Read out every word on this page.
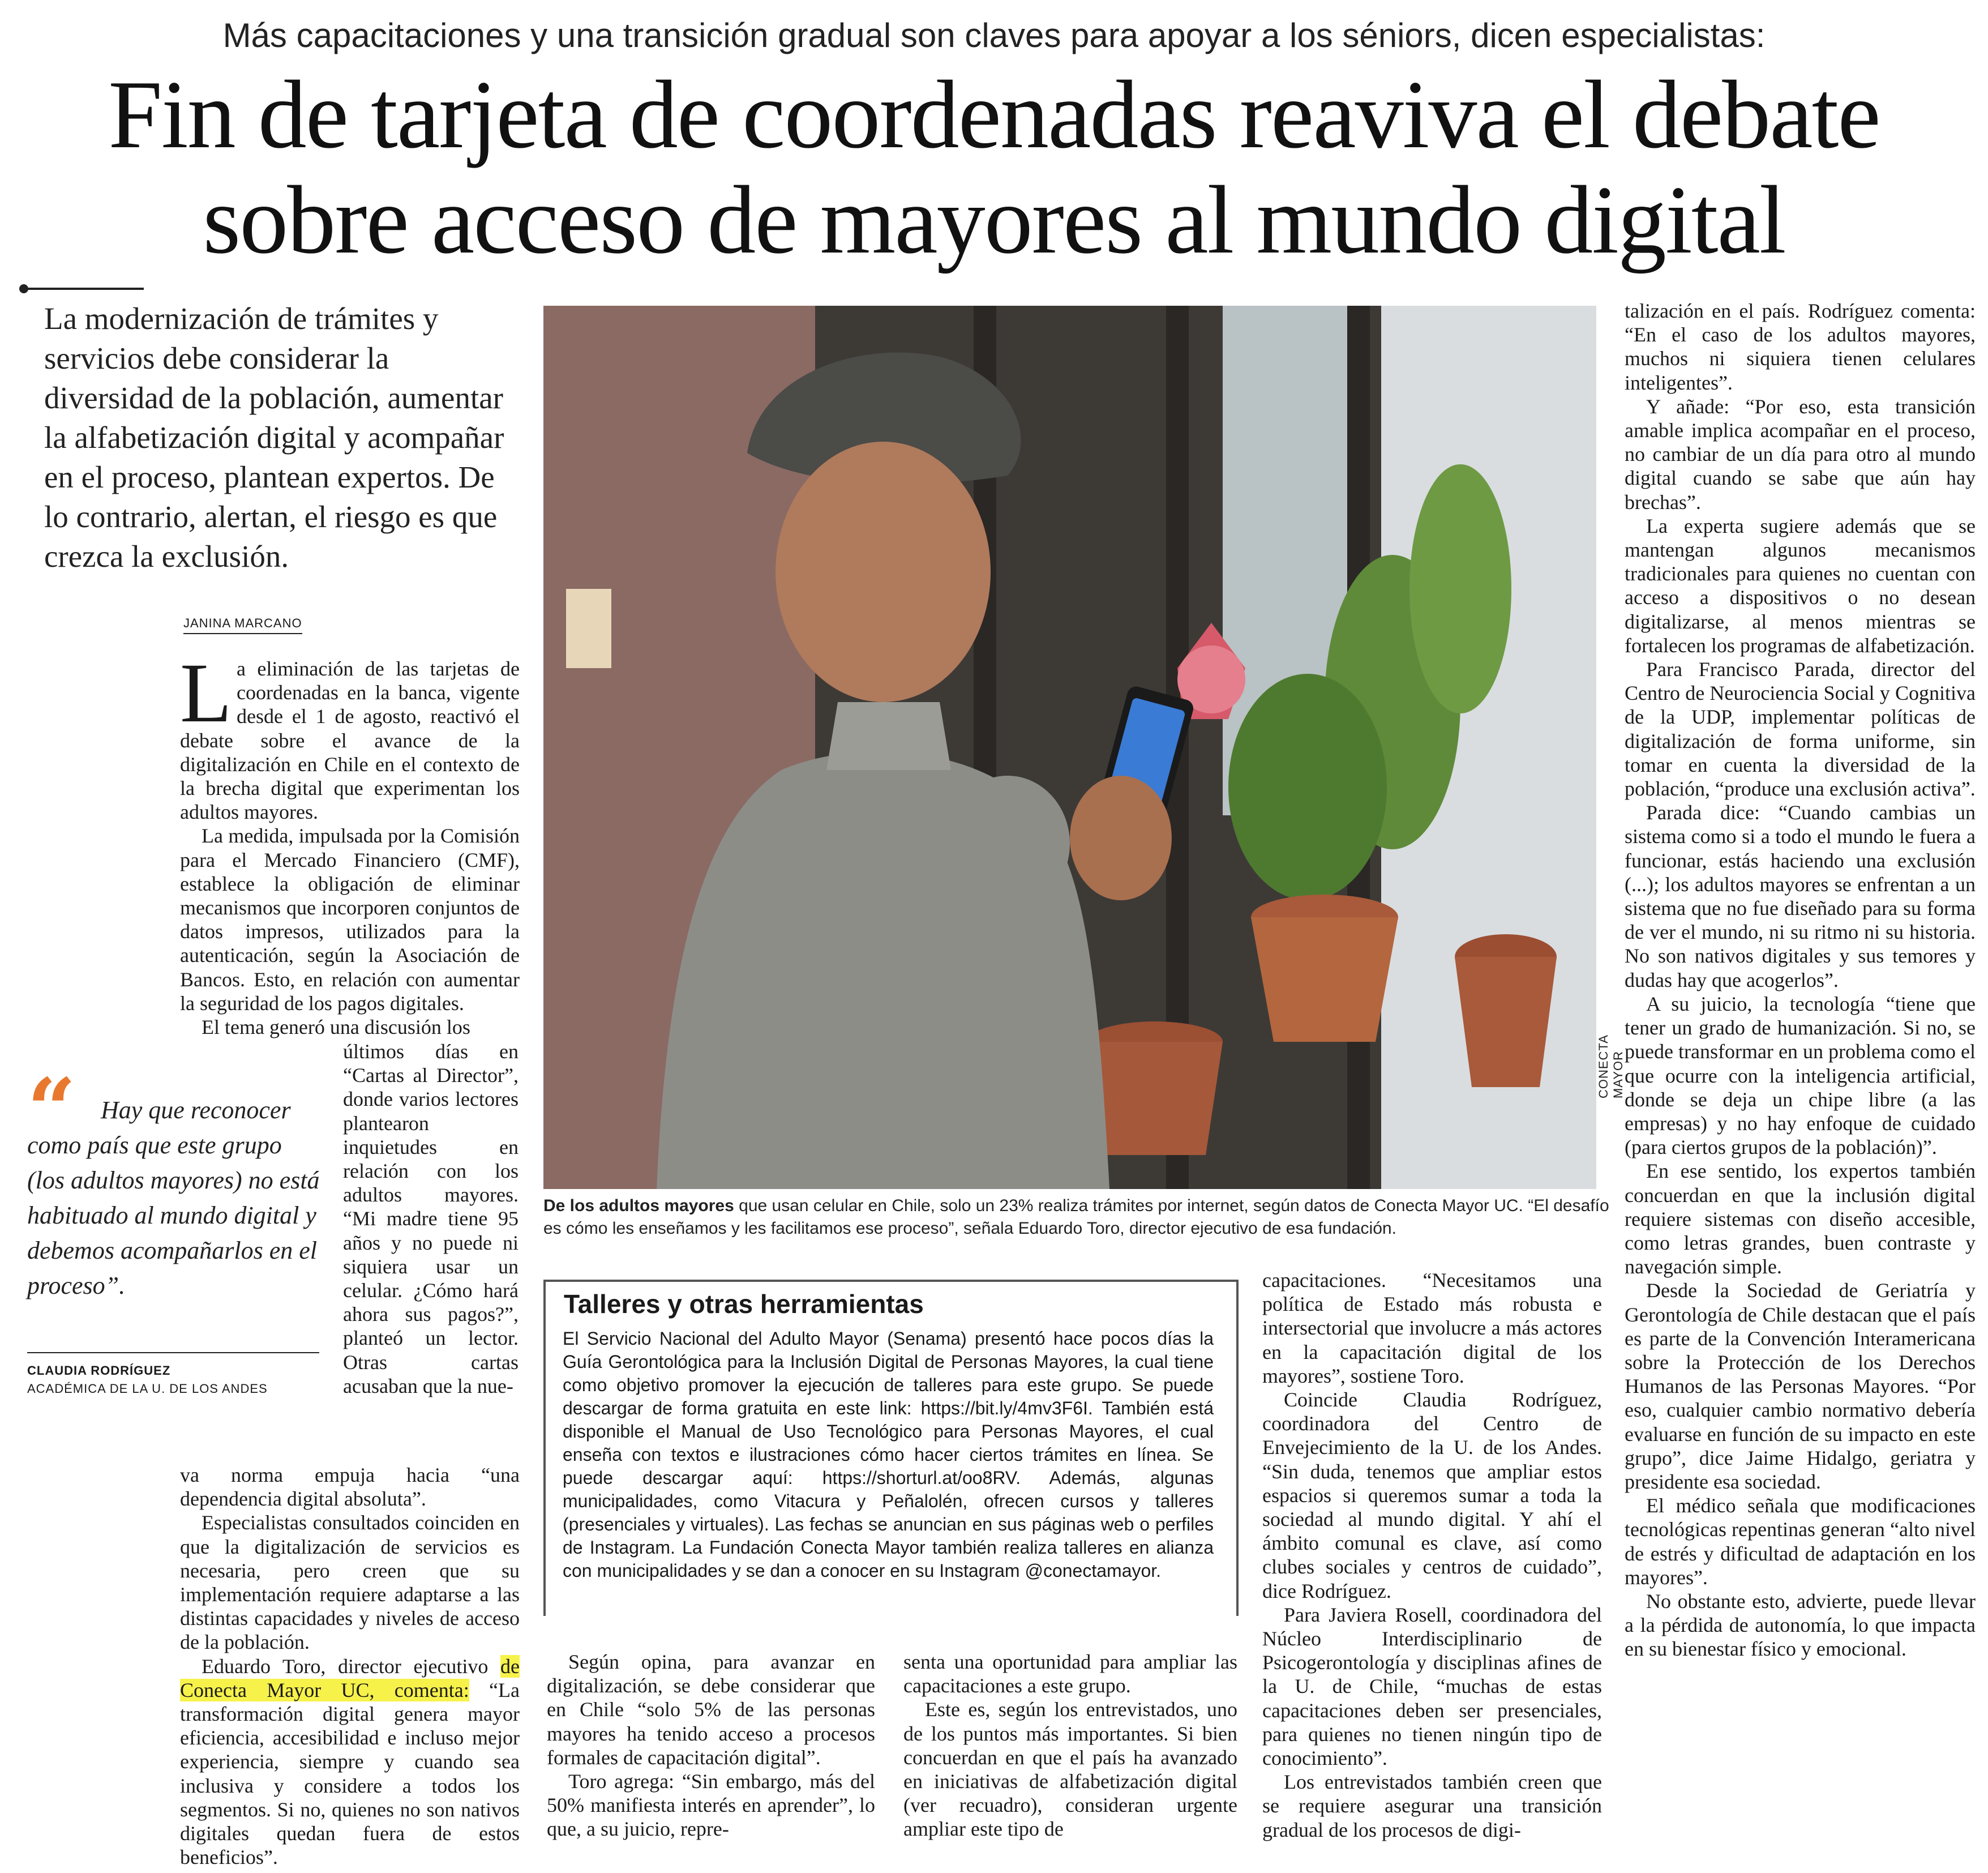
Más capacitaciones y una transición gradual son claves para apoyar a los séniors, dicen especialistas:
Fin de tarjeta de coordenadas reaviva el debate
sobre acceso de mayores al mundo digital
La modernización de trámites y servicios debe considerar la diversidad de la población, aumentar la alfabetización digital y acompañar en el proceso, plantean expertos. De lo contrario, alertan, el riesgo es que crezca la exclusión.
JANINA MARCANO

La eliminación de las tarjetas de coordenadas en la banca, vigente desde el 1 de agosto, reactivó el debate sobre el avance de la digitalización en Chile en el contexto de la brecha digital que experimentan los adultos mayores.

La medida, impulsada por la Comisión para el Mercado Financiero (CMF), establece la obligación de eliminar mecanismos que incorporen conjuntos de datos impresos, utilizados para la autenticación, según la Asociación de Bancos. Esto, en relación con aumentar la seguridad de los pagos digitales.

El tema generó una discusión los

últimos días en “Cartas al Director”, donde varios lectores plantearon inquietudes en relación con los adultos mayores. “Mi madre tiene 95 años y no puede ni siquiera usar un celular. ¿Cómo hará ahora sus pagos?”, planteó un lector. Otras cartas acusaban que la nue-

va norma empuja hacia “una dependencia digital absoluta”.

Especialistas consultados coinciden en que la digitalización de servicios es necesaria, pero creen que su implementación requiere adaptarse a las distintas capacidades y niveles de acceso de la población.

Eduardo Toro, director ejecutivo de Conecta Mayor UC, comenta: “La transformación digital genera mayor eficiencia, accesibilidad e incluso mejor experiencia, siempre y cuando sea inclusiva y considere a todos los segmentos. Si no, quienes no son nativos digitales quedan fuera de estos beneficios”.

“ Hay que reconocer como país que este grupo (los adultos mayores) no está habituado al mundo digital y debemos acompañarlos en el proceso”.
CLAUDIA RODRÍGUEZ
ACADÉMICA DE LA U. DE LOS ANDES
CONECTA MAYOR
De los adultos mayores que usan celular en Chile, solo un 23% realiza trámites por internet, según datos de Conecta Mayor UC. “El desafío es cómo les enseñamos y les facilitamos ese proceso”, señala Eduardo Toro, director ejecutivo de esa fundación.
Talleres y otras herramientas
El Servicio Nacional del Adulto Mayor (Senama) presentó hace pocos días la Guía Gerontológica para la Inclusión Digital de Personas Mayores, la cual tiene como objetivo promover la ejecución de talleres para este grupo. Se puede descargar de forma gratuita en este link: https://bit.ly/4mv3F6I. También está disponible el Manual de Uso Tecnológico para Personas Mayores, el cual enseña con textos e ilustraciones cómo hacer ciertos trámites en línea. Se puede descargar aquí: https://shorturl.at/oo8RV. Además, algunas municipalidades, como Vitacura y Peñalolén, ofrecen cursos y talleres (presenciales y virtuales). Las fechas se anuncian en sus páginas web o perfiles de Instagram. La Fundación Conecta Mayor también realiza talleres en alianza con municipalidades y se dan a conocer en su Instagram @conectamayor.

Según opina, para avanzar en digitalización, se debe considerar que en Chile “solo 5% de las personas mayores ha tenido acceso a procesos formales de capacitación digital”.

Toro agrega: “Sin embargo, más del 50% manifiesta interés en aprender”, lo que, a su juicio, repre-

senta una oportunidad para ampliar las capacitaciones a este grupo.

Este es, según los entrevistados, uno de los puntos más importantes. Si bien concuerdan en que el país ha avanzado en iniciativas de alfabetización digital (ver recuadro), consideran urgente ampliar este tipo de

capacitaciones. “Necesitamos una política de Estado más robusta e intersectorial que involucre a más actores en la capacitación digital de los mayores”, sostiene Toro.

Coincide Claudia Rodríguez, coordinadora del Centro de Envejecimiento de la U. de los Andes. “Sin duda, tenemos que ampliar estos espacios si queremos sumar a toda la sociedad al mundo digital. Y ahí el ámbito comunal es clave, así como clubes sociales y centros de cuidado”, dice Rodríguez.

Para Javiera Rosell, coordinadora del Núcleo Interdisciplinario de Psicogerontología y disciplinas afines de la U. de Chile, “muchas de estas capacitaciones deben ser presenciales, para quienes no tienen ningún tipo de conocimiento”.

Los entrevistados también creen que se requiere asegurar una transición gradual de los procesos de digi-

talización en el país. Rodríguez comenta: “En el caso de los adultos mayores, muchos ni siquiera tienen celulares inteligentes”.

Y añade: “Por eso, esta transición amable implica acompañar en el proceso, no cambiar de un día para otro al mundo digital cuando se sabe que aún hay brechas”.

La experta sugiere además que se mantengan algunos mecanismos tradicionales para quienes no cuentan con acceso a dispositivos o no desean digitalizarse, al menos mientras se fortalecen los programas de alfabetización.

Para Francisco Parada, director del Centro de Neurociencia Social y Cognitiva de la UDP, implementar políticas de digitalización de forma uniforme, sin tomar en cuenta la diversidad de la población, “produce una exclusión activa”.

Parada dice: “Cuando cambias un sistema como si a todo el mundo le fuera a funcionar, estás haciendo una exclusión (...); los adultos mayores se enfrentan a un sistema que no fue diseñado para su forma de ver el mundo, ni su ritmo ni su historia. No son nativos digitales y sus temores y dudas hay que acogerlos”.

A su juicio, la tecnología “tiene que tener un grado de humanización. Si no, se puede transformar en un problema como el que ocurre con la inteligencia artificial, donde se deja un chipe libre (a las empresas) y no hay enfoque de cuidado (para ciertos grupos de la población)”.

En ese sentido, los expertos también concuerdan en que la inclusión digital requiere sistemas con diseño accesible, como letras grandes, buen contraste y navegación simple.

Desde la Sociedad de Geriatría y Gerontología de Chile destacan que el país es parte de la Convención Interamericana sobre la Protección de los Derechos Humanos de las Personas Mayores. “Por eso, cualquier cambio normativo debería evaluarse en función de su impacto en este grupo”, dice Jaime Hidalgo, geriatra y presidente esa sociedad.

El médico señala que modificaciones tecnológicas repentinas generan “alto nivel de estrés y dificultad de adaptación en los mayores”.

No obstante esto, advierte, puede llevar a la pérdida de autonomía, lo que impacta en su bienestar físico y emocional.
